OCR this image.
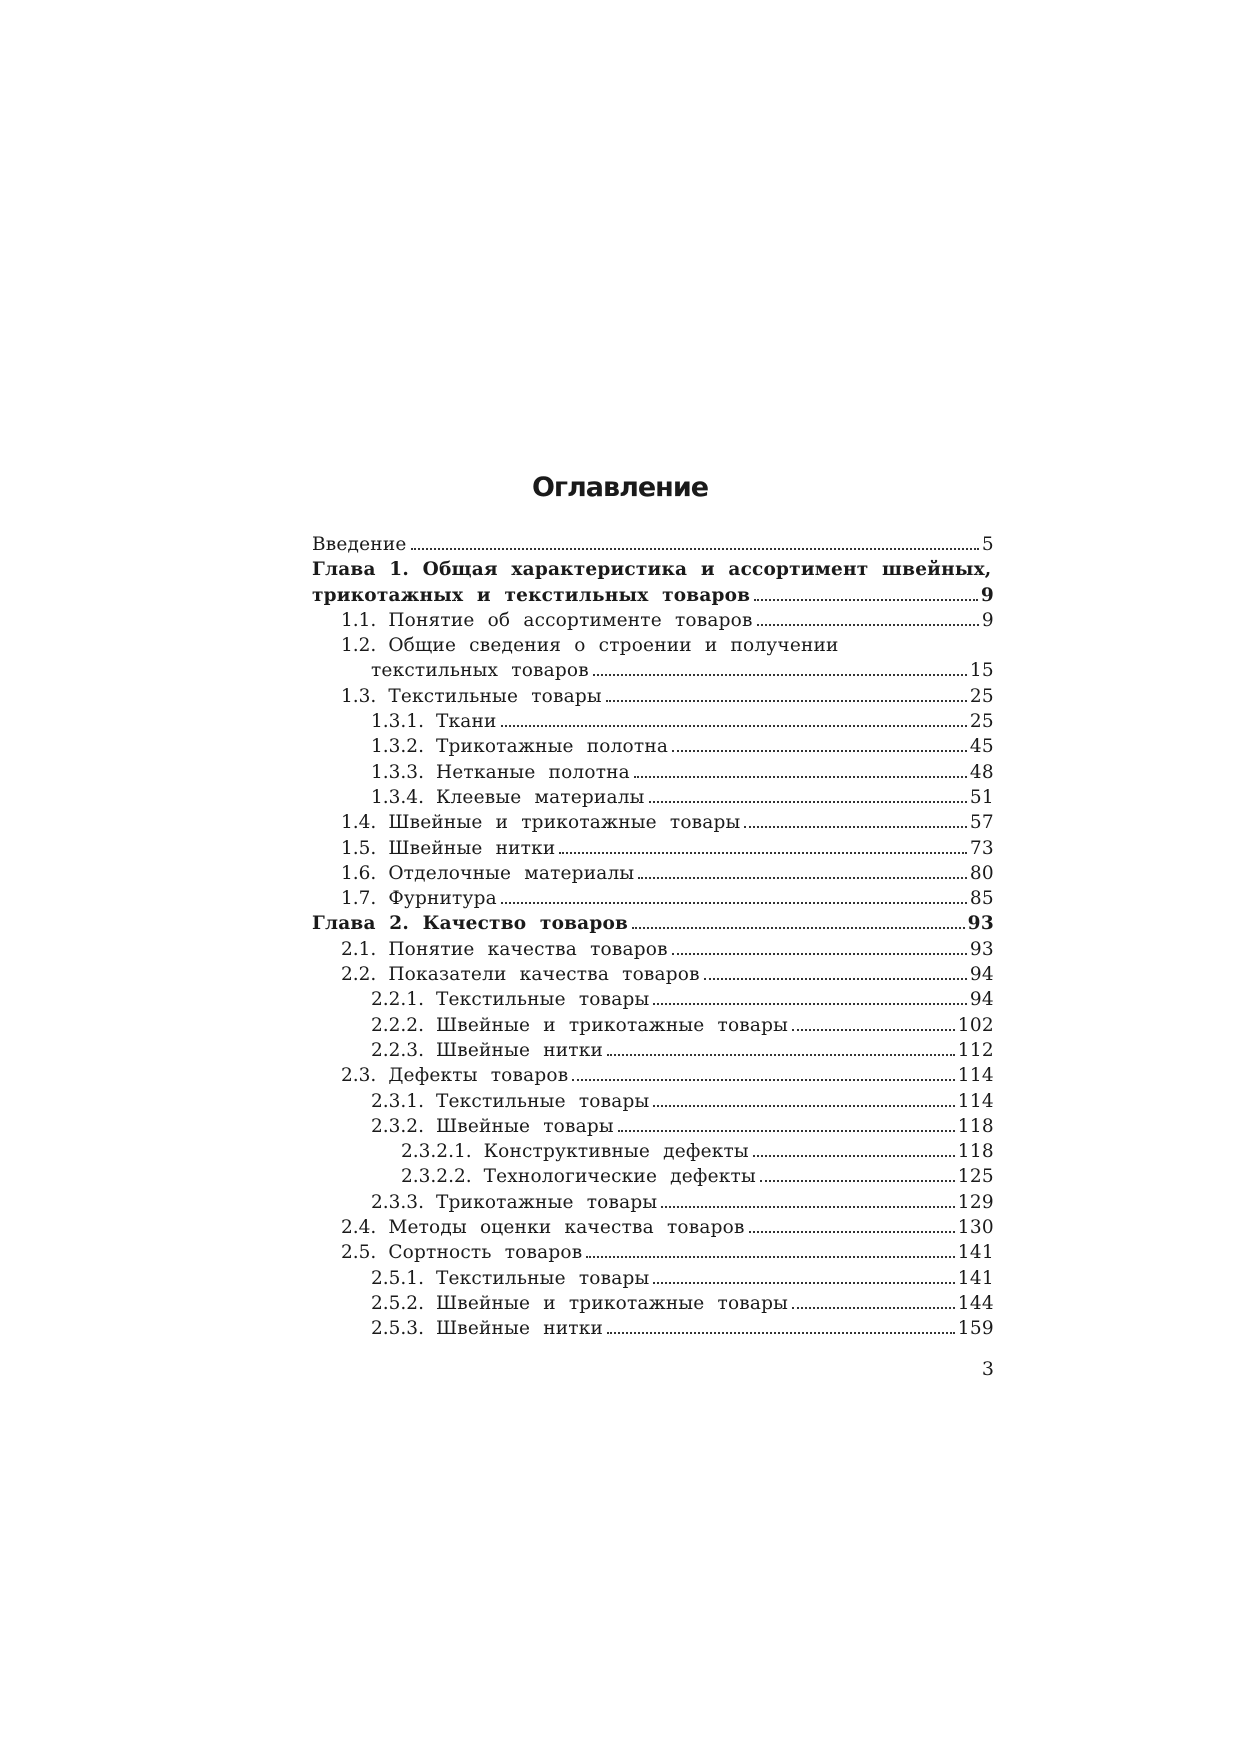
Оглавление
Введение	5
Глава 1. Общая характеристика и ассортимент швейных,
трикотажных и текстильных товаров	9
1.1. Понятие об ассортименте товаров	9
1.2. Общие сведения о строении и получении
текстильных товаров	15
1.3. Текстильные товары	25
1.3.1. Ткани	25
1.3.2. Трикотажные полотна	45
1.3.3. Нетканые полотна	48
1.3.4. Клеевые материалы	51
1.4. Швейные и трикотажные товары	57
1.5. Швейные нитки	73
1.6. Отделочные материалы	80
1.7. Фурнитура	85
Глава 2. Качество товаров	93
2.1. Понятие качества товаров	93
2.2. Показатели качества товаров	94
2.2.1. Текстильные товары	94
2.2.2. Швейные и трикотажные товары	102
2.2.3. Швейные нитки	112
2.3. Дефекты товаров	114
2.3.1. Текстильные товары	114
2.3.2. Швейные товары	118
2.3.2.1. Конструктивные дефекты	118
2.3.2.2. Технологические дефекты	125
2.3.3. Трикотажные товары	129
2.4. Методы оценки качества товаров	130
2.5. Сортность товаров	141
2.5.1. Текстильные товары	141
2.5.2. Швейные и трикотажные товары	144
2.5.3. Швейные нитки	159
3
